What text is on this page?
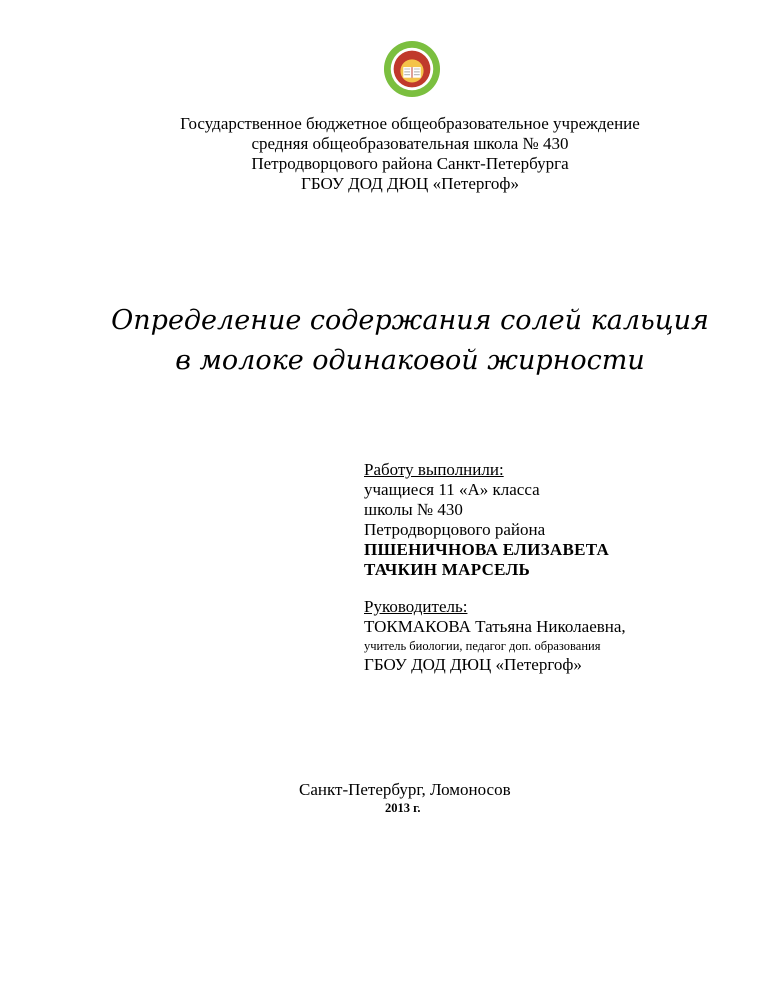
Государственное бюджетное общеобразовательное учреждение
средняя общеобразовательная школа № 430
Петродворцового района Санкт-Петербурга
ГБОУ ДОД ДЮЦ «Петергоф»
Определение содержания солей кальция
в молоке одинаковой жирности
Работу выполнили:
учащиеся 11 «А» класса
школы № 430
Петродворцового района
ПШЕНИЧНОВА ЕЛИЗАВЕТА
ТАЧКИН МАРСЕЛЬ
Руководитель:
ТОКМАКОВА Татьяна Николаевна,
учитель биологии, педагог доп. образования
ГБОУ ДОД ДЮЦ «Петергоф»
Санкт-Петербург, Ломоносов
2013 г.
